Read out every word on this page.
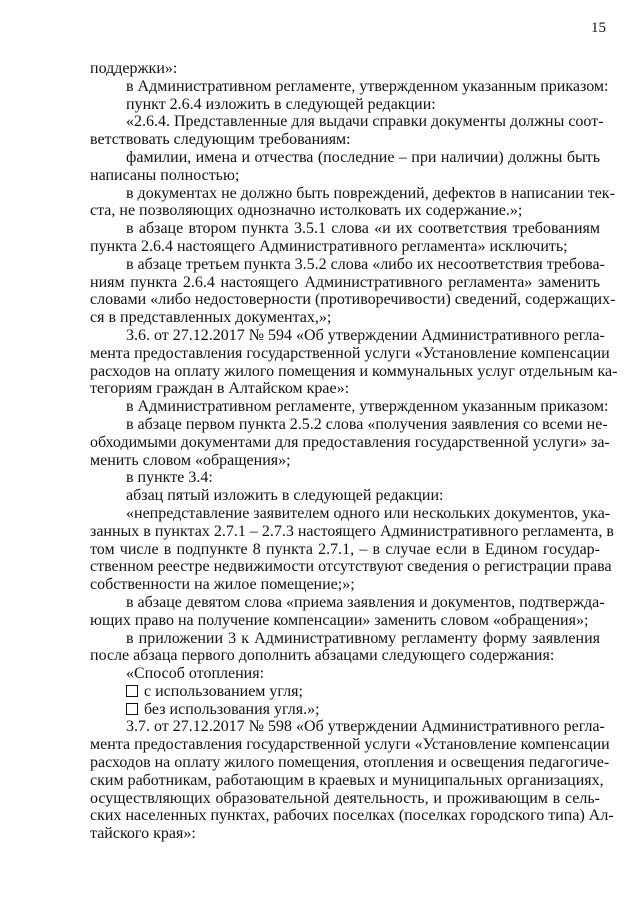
15
поддержки»:
в Административном регламенте, утвержденном указанным приказом:
пункт 2.6.4 изложить в следующей редакции:
«2.6.4. Представленные для выдачи справки документы должны соот-
ветствовать следующим требованиям:
фамилии, имена и отчества (последние – при наличии) должны быть
написаны полностью;
в документах не должно быть повреждений, дефектов в написании тек-
ста, не позволяющих однозначно истолковать их содержание.»;
в абзаце втором пункта 3.5.1 слова «и их соответствия требованиям
пункта 2.6.4 настоящего Административного регламента» исключить;
в абзаце третьем пункта 3.5.2 слова «либо их несоответствия требова-
ниям пункта 2.6.4 настоящего Административного регламента» заменить
словами «либо недостоверности (противоречивости) сведений, содержащих-
ся в представленных документах,»;
3.6. от 27.12.2017 № 594 «Об утверждении Административного регла-
мента предоставления государственной услуги «Установление компенсации
расходов на оплату жилого помещения и коммунальных услуг отдельным ка-
тегориям граждан в Алтайском крае»:
в Административном регламенте, утвержденном указанным приказом:
в абзаце первом пункта 2.5.2 слова «получения заявления со всеми не-
обходимыми документами для предоставления государственной услуги» за-
менить словом «обращения»;
в пункте 3.4:
абзац пятый изложить в следующей редакции:
«непредставление заявителем одного или нескольких документов, ука-
занных в пунктах 2.7.1 – 2.7.3 настоящего Административного регламента, в
том числе в подпункте 8 пункта 2.7.1, – в случае если в Едином государ-
ственном реестре недвижимости отсутствуют сведения о регистрации права
собственности на жилое помещение;»;
в абзаце девятом слова «приема заявления и документов, подтвержда-
ющих право на получение компенсации» заменить словом «обращения»;
в приложении 3 к Административному регламенту форму заявления
после абзаца первого дополнить абзацами следующего содержания:
«Способ отопления:
с использованием угля;
без использования угля.»;
3.7. от 27.12.2017 № 598 «Об утверждении Административного регла-
мента предоставления государственной услуги «Установление компенсации
расходов на оплату жилого помещения, отопления и освещения педагогиче-
ским работникам, работающим в краевых и муниципальных организациях,
осуществляющих образовательной деятельность, и проживающим в сель-
ских населенных пунктах, рабочих поселках (поселках городского типа) Ал-
тайского края»:
